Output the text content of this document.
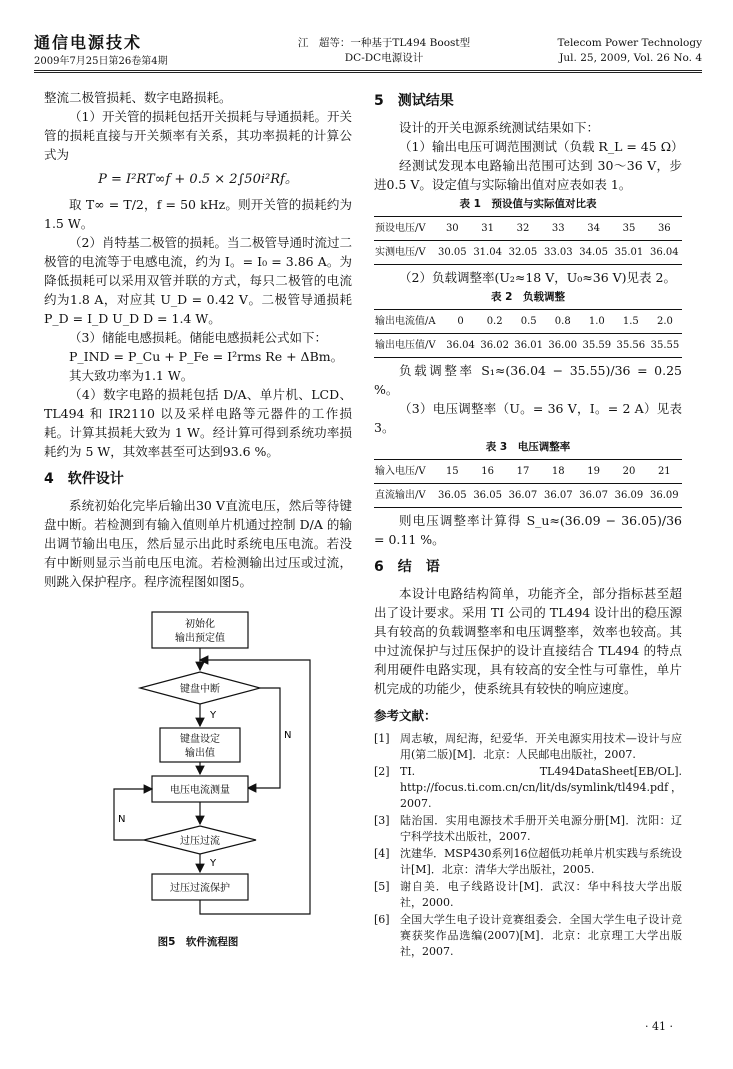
通信电源技术
2009年7月25日第26卷第4期
江　超等：一种基于TL494 Boost型
DC-DC电源设计
Telecom Power Technology
Jul. 25, 2009, Vol. 26 No. 4

整流二极管损耗、数字电路损耗。

（1）开关管的损耗包括开关损耗与导通损耗。开关管的损耗直接与开关频率有关系，其功率损耗的计算公式为

P = I²RT∞f + 0.5 × 2∫50i²Rf。

取 T∞ = T/2，f = 50 kHz。则开关管的损耗约为 1.5 W。

（2）肖特基二极管的损耗。当二极管导通时流过二极管的电流等于电感电流，约为 I。= I₀ = 3.86 A。为降低损耗可以采用双管并联的方式，每只二极管的电流约为1.8 A，对应其 U_D = 0.42 V。二极管导通损耗 P_D = I_D U_D D = 1.4 W。

（3）储能电感损耗。储能电感损耗公式如下：

P_IND = P_Cu + P_Fe = I²rms Re + ΔBm。

其大致功率为1.1 W。

（4）数字电路的损耗包括 D/A、单片机、LCD、TL494 和 IR2110 以及采样电路等元器件的工作损耗。计算其损耗大致为 1 W。经计算可得到系统功率损耗约为 5 W，其效率甚至可达到93.6 %。

4 软件设计

系统初始化完毕后输出30 V直流电压，然后等待键盘中断。若检测到有输入值则单片机通过控制 D/A 的输出调节输出电压，然后显示出此时系统电压电流。若没有中断则显示当前电压电流。若检测输出过压或过流，则跳入保护程序。程序流程图如图5。

初始化
输出预定值
键盘中断
Y
N
键盘设定
输出值
电压电流测量
过压过流
N
Y
过压过流保护
图5　软件流程图
5 测试结果

设计的开关电源系统测试结果如下：

（1）输出电压可调范围测试（负载 R_L = 45 Ω）

经测试发现本电路输出范围可达到 30～36 V，步进0.5 V。设定值与实际输出值对应表如表 1。

表 1　预设值与实际值对比表
预设电压/V	30	31	32	33	34	35	36
实测电压/V	30.05	31.04	32.05	33.03	34.05	35.01	36.04

（2）负载调整率(U₂≈18 V，U₀≈36 V)见表 2。

表 2　负载调整
输出电流值/A	0	0.2	0.5	0.8	1.0	1.5	2.0
输出电压值/V	36.04	36.02	36.01	36.00	35.59	35.56	35.55

负载调整率 S₁≈(36.04 − 35.55)/36 = 0.25 %。

（3）电压调整率（U。= 36 V，I。= 2 A）见表 3。

表 3　电压调整率
输入电压/V	15	16	17	18	19	20	21
直流输出/V	36.05	36.05	36.07	36.07	36.07	36.09	36.09

则电压调整率计算得 S_u≈(36.09 − 36.05)/36 = 0.11 %。

6 结　语

本设计电路结构简单，功能齐全，部分指标甚至超出了设计要求。采用 TI 公司的 TL494 设计出的稳压源具有较高的负载调整率和电压调整率，效率也较高。其中过流保护与过压保护的设计直接结合 TL494 的特点利用硬件电路实现，具有较高的安全性与可靠性，单片机完成的功能少，使系统具有较快的响应速度。

参考文献：
[1] 周志敏，周纪海，纪爱华．开关电源实用技术—设计与应用(第二版)[M]．北京：人民邮电出版社，2007.
[2] TI. TL494DataSheet[EB/OL]. http://focus.ti.com.cn/cn/lit/ds/symlink/tl494.pdf，2007.
[3] 陆治国．实用电源技术手册开关电源分册[M]．沈阳：辽宁科学技术出版社，2007.
[4] 沈建华．MSP430系列16位超低功耗单片机实践与系统设计[M]．北京：清华大学出版社，2005.
[5] 谢自美．电子线路设计[M]．武汉：华中科技大学出版社，2000.
[6] 全国大学生电子设计竞赛组委会．全国大学生电子设计竞赛获奖作品选编(2007)[M]．北京：北京理工大学出版社，2007.
· 41 ·
